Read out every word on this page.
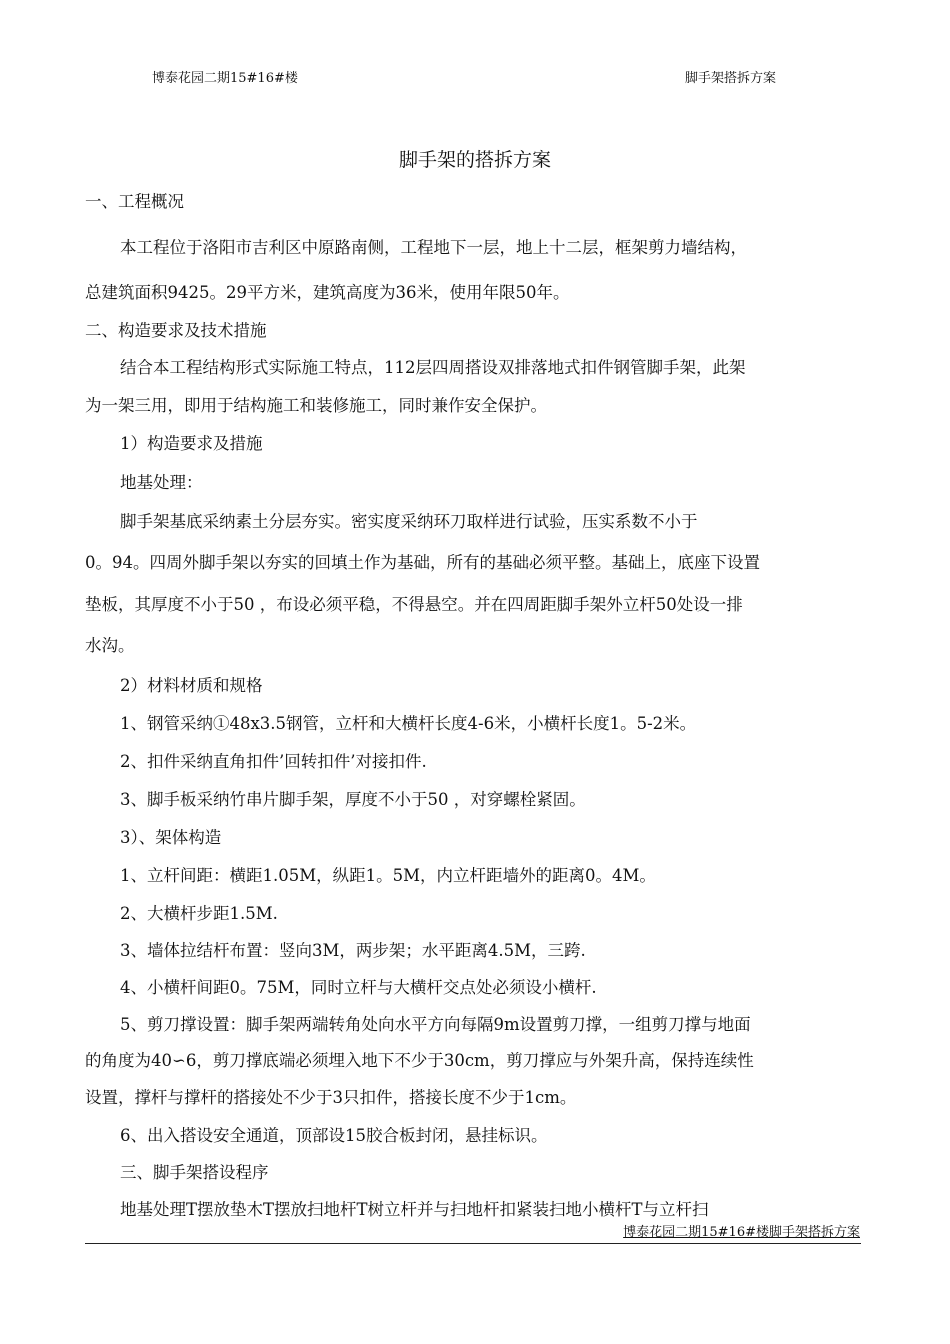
博泰花园二期15#16#楼	脚手架搭拆方案
脚手架的搭拆方案
一、工程概况
本工程位于洛阳市吉利区中原路南侧，工程地下一层，地上十二层，框架剪力墙结构，
总建筑面积9425。29平方米，建筑高度为36米，使用年限50年。
二、构造要求及技术措施
结合本工程结构形式实际施工特点，112层四周搭设双排落地式扣件钢管脚手架，此架
为一架三用，即用于结构施工和装修施工，同时兼作安全保护。
1）构造要求及措施
地基处理：
脚手架基底采纳素土分层夯实。密实度采纳环刀取样进行试验，压实系数不小于
0。94。四周外脚手架以夯实的回填土作为基础，所有的基础必须平整。基础上，底座下设置
垫板，其厚度不小于50 ，布设必须平稳，不得悬空。并在四周距脚手架外立杆50处设一排
水沟。
2）材料材质和规格
1、钢管采纳①48x3.5钢管，立杆和大横杆长度4-6米，小横杆长度1。5-2米。
2、扣件采纳直角扣件’回转扣件’对接扣件.
3、脚手板采纳竹串片脚手架，厚度不小于50 ，对穿螺栓紧固。
3）、架体构造
1、立杆间距：横距1.05M，纵距1。5M，内立杆距墙外的距离0。4M。
2、大横杆步距1.5M.
3、墙体拉结杆布置：竖向3M，两步架；水平距离4.5M，三跨.
4、小横杆间距0。75M，同时立杆与大横杆交点处必须设小横杆.
5、剪刀撑设置：脚手架两端转角处向水平方向每隔9m设置剪刀撑，一组剪刀撑与地面
的角度为40∽6，剪刀撑底端必须埋入地下不少于30cm，剪刀撑应与外架升高，保持连续性
设置，撑杆与撑杆的搭接处不少于3只扣件，搭接长度不少于1cm。
6、出入搭设安全通道，顶部设15胶合板封闭，悬挂标识。
三、脚手架搭设程序
地基处理T摆放垫木T摆放扫地杆T树立杆并与扫地杆扣紧装扫地小横杆T与立杆扫
博泰花园二期15#16#楼脚手架搭拆方案
